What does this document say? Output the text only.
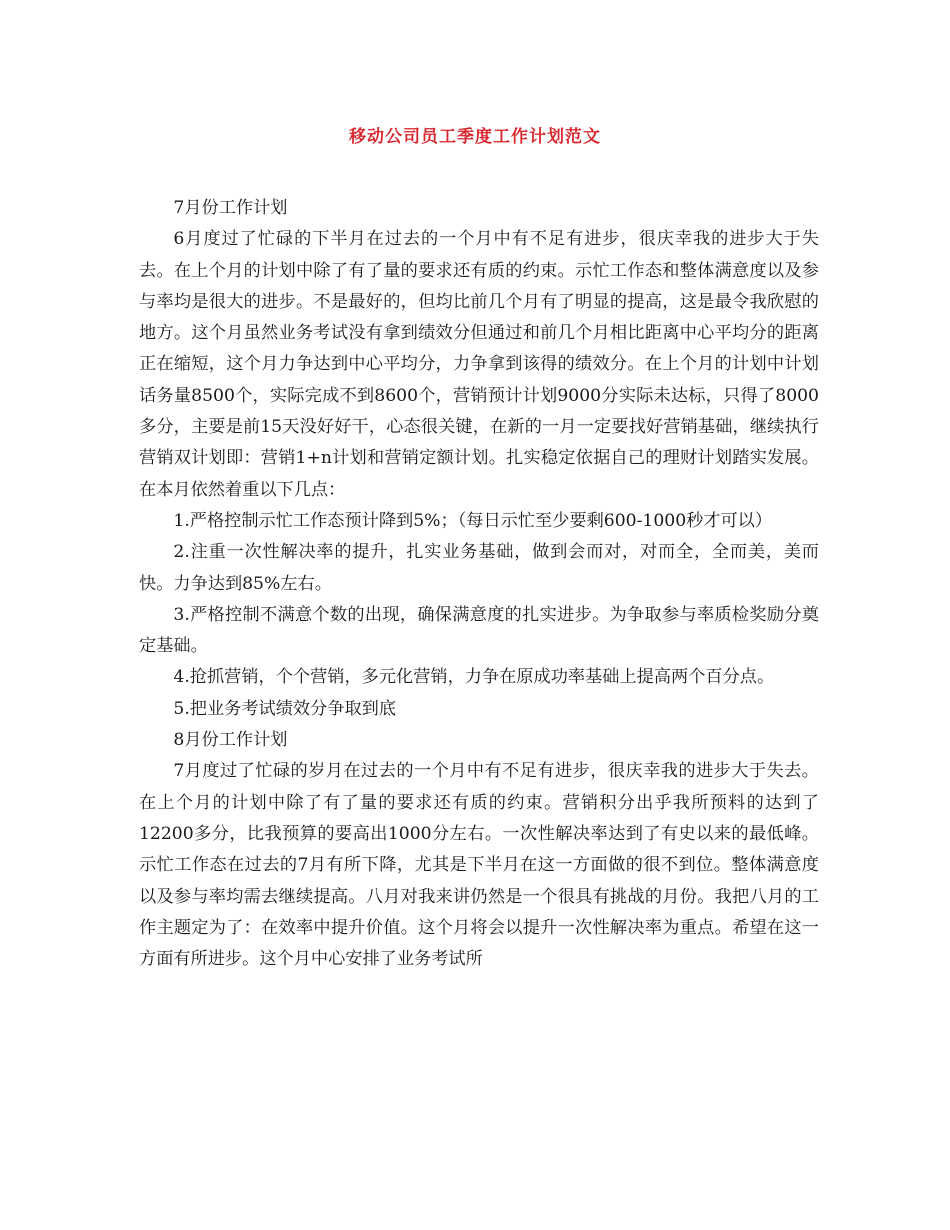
移动公司员工季度工作计划范文

7月份工作计划

6月度过了忙碌的下半月在过去的一个月中有不足有进步，很庆幸我的进步大于失去。在上个月的计划中除了有了量的要求还有质的约束。示忙工作态和整体满意度以及参与率均是很大的进步。不是最好的，但均比前几个月有了明显的提高，这是最令我欣慰的地方。这个月虽然业务考试没有拿到绩效分但通过和前几个月相比距离中心平均分的距离正在缩短，这个月力争达到中心平均分，力争拿到该得的绩效分。在上个月的计划中计划话务量8500个，实际完成不到8600个，营销预计计划9000分实际未达标，只得了8000多分，主要是前15天没好好干，心态很关键，在新的一月一定要找好营销基础，继续执行营销双计划即：营销1+n计划和营销定额计划。扎实稳定依据自己的理财计划踏实发展。在本月依然着重以下几点：

1.严格控制示忙工作态预计降到5%；（每日示忙至少要剩600-1000秒才可以）

2.注重一次性解决率的提升，扎实业务基础，做到会而对，对而全，全而美，美而快。力争达到85%左右。

3.严格控制不满意个数的出现，确保满意度的扎实进步。为争取参与率质检奖励分奠定基础。

4.抢抓营销，个个营销，多元化营销，力争在原成功率基础上提高两个百分点。

5.把业务考试绩效分争取到底

8月份工作计划

7月度过了忙碌的岁月在过去的一个月中有不足有进步，很庆幸我的进步大于失去。在上个月的计划中除了有了量的要求还有质的约束。营销积分出乎我所预料的达到了12200多分，比我预算的要高出1000分左右。一次性解决率达到了有史以来的最低峰。示忙工作态在过去的7月有所下降，尤其是下半月在这一方面做的很不到位。整体满意度以及参与率均需去继续提高。八月对我来讲仍然是一个很具有挑战的月份。我把八月的工作主题定为了：在效率中提升价值。这个月将会以提升一次性解决率为重点。希望在这一方面有所进步。这个月中心安排了业务考试所
